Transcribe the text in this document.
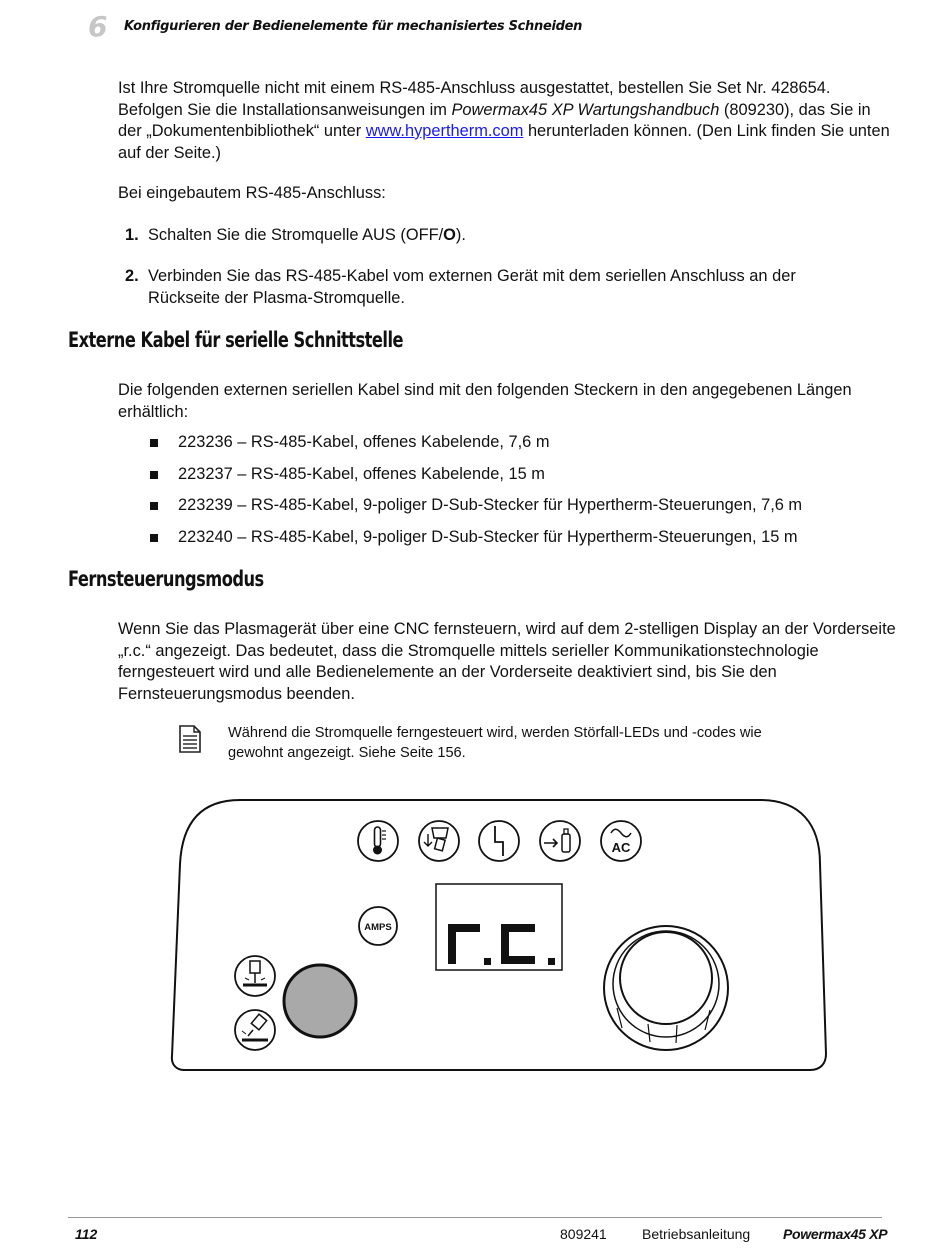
6 Konfigurieren der Bedienelemente für mechanisiertes Schneiden

Ist Ihre Stromquelle nicht mit einem RS-485-Anschluss ausgestattet, bestellen Sie Set Nr. 428654. Befolgen Sie die Installationsanweisungen im Powermax45 XP Wartungshandbuch (809230), das Sie in der „Dokumentenbibliothek“ unter www.hypertherm.com herunterladen können. (Den Link finden Sie unten auf der Seite.)

Bei eingebautem RS-485-Anschluss:

1. Schalten Sie die Stromquelle AUS (OFF/O).
2. Verbinden Sie das RS-485-Kabel vom externen Gerät mit dem seriellen Anschluss an der Rückseite der Plasma-Stromquelle.
Externe Kabel für serielle Schnittstelle

Die folgenden externen seriellen Kabel sind mit den folgenden Steckern in den angegebenen Längen erhältlich:

223236 – RS-485-Kabel, offenes Kabelende, 7,6 m
223237 – RS-485-Kabel, offenes Kabelende, 15 m
223239 – RS-485-Kabel, 9-poliger D-Sub-Stecker für Hypertherm-Steuerungen, 7,6 m
223240 – RS-485-Kabel, 9-poliger D-Sub-Stecker für Hypertherm-Steuerungen, 15 m
Fernsteuerungsmodus

Wenn Sie das Plasmagerät über eine CNC fernsteuern, wird auf dem 2-stelligen Display an der Vorderseite „r.c.“ angezeigt. Das bedeutet, dass die Stromquelle mittels serieller Kommunikationstechnologie ferngesteuert wird und alle Bedienelemente an der Vorderseite deaktiviert sind, bis Sie den Fernsteuerungsmodus beenden.

Während die Stromquelle ferngesteuert wird, werden Störfall-LEDs und -codes wie gewohnt angezeigt. Siehe Seite 156.
AC
AMPS
112	809241	Betriebsanleitung Powermax45 XP
